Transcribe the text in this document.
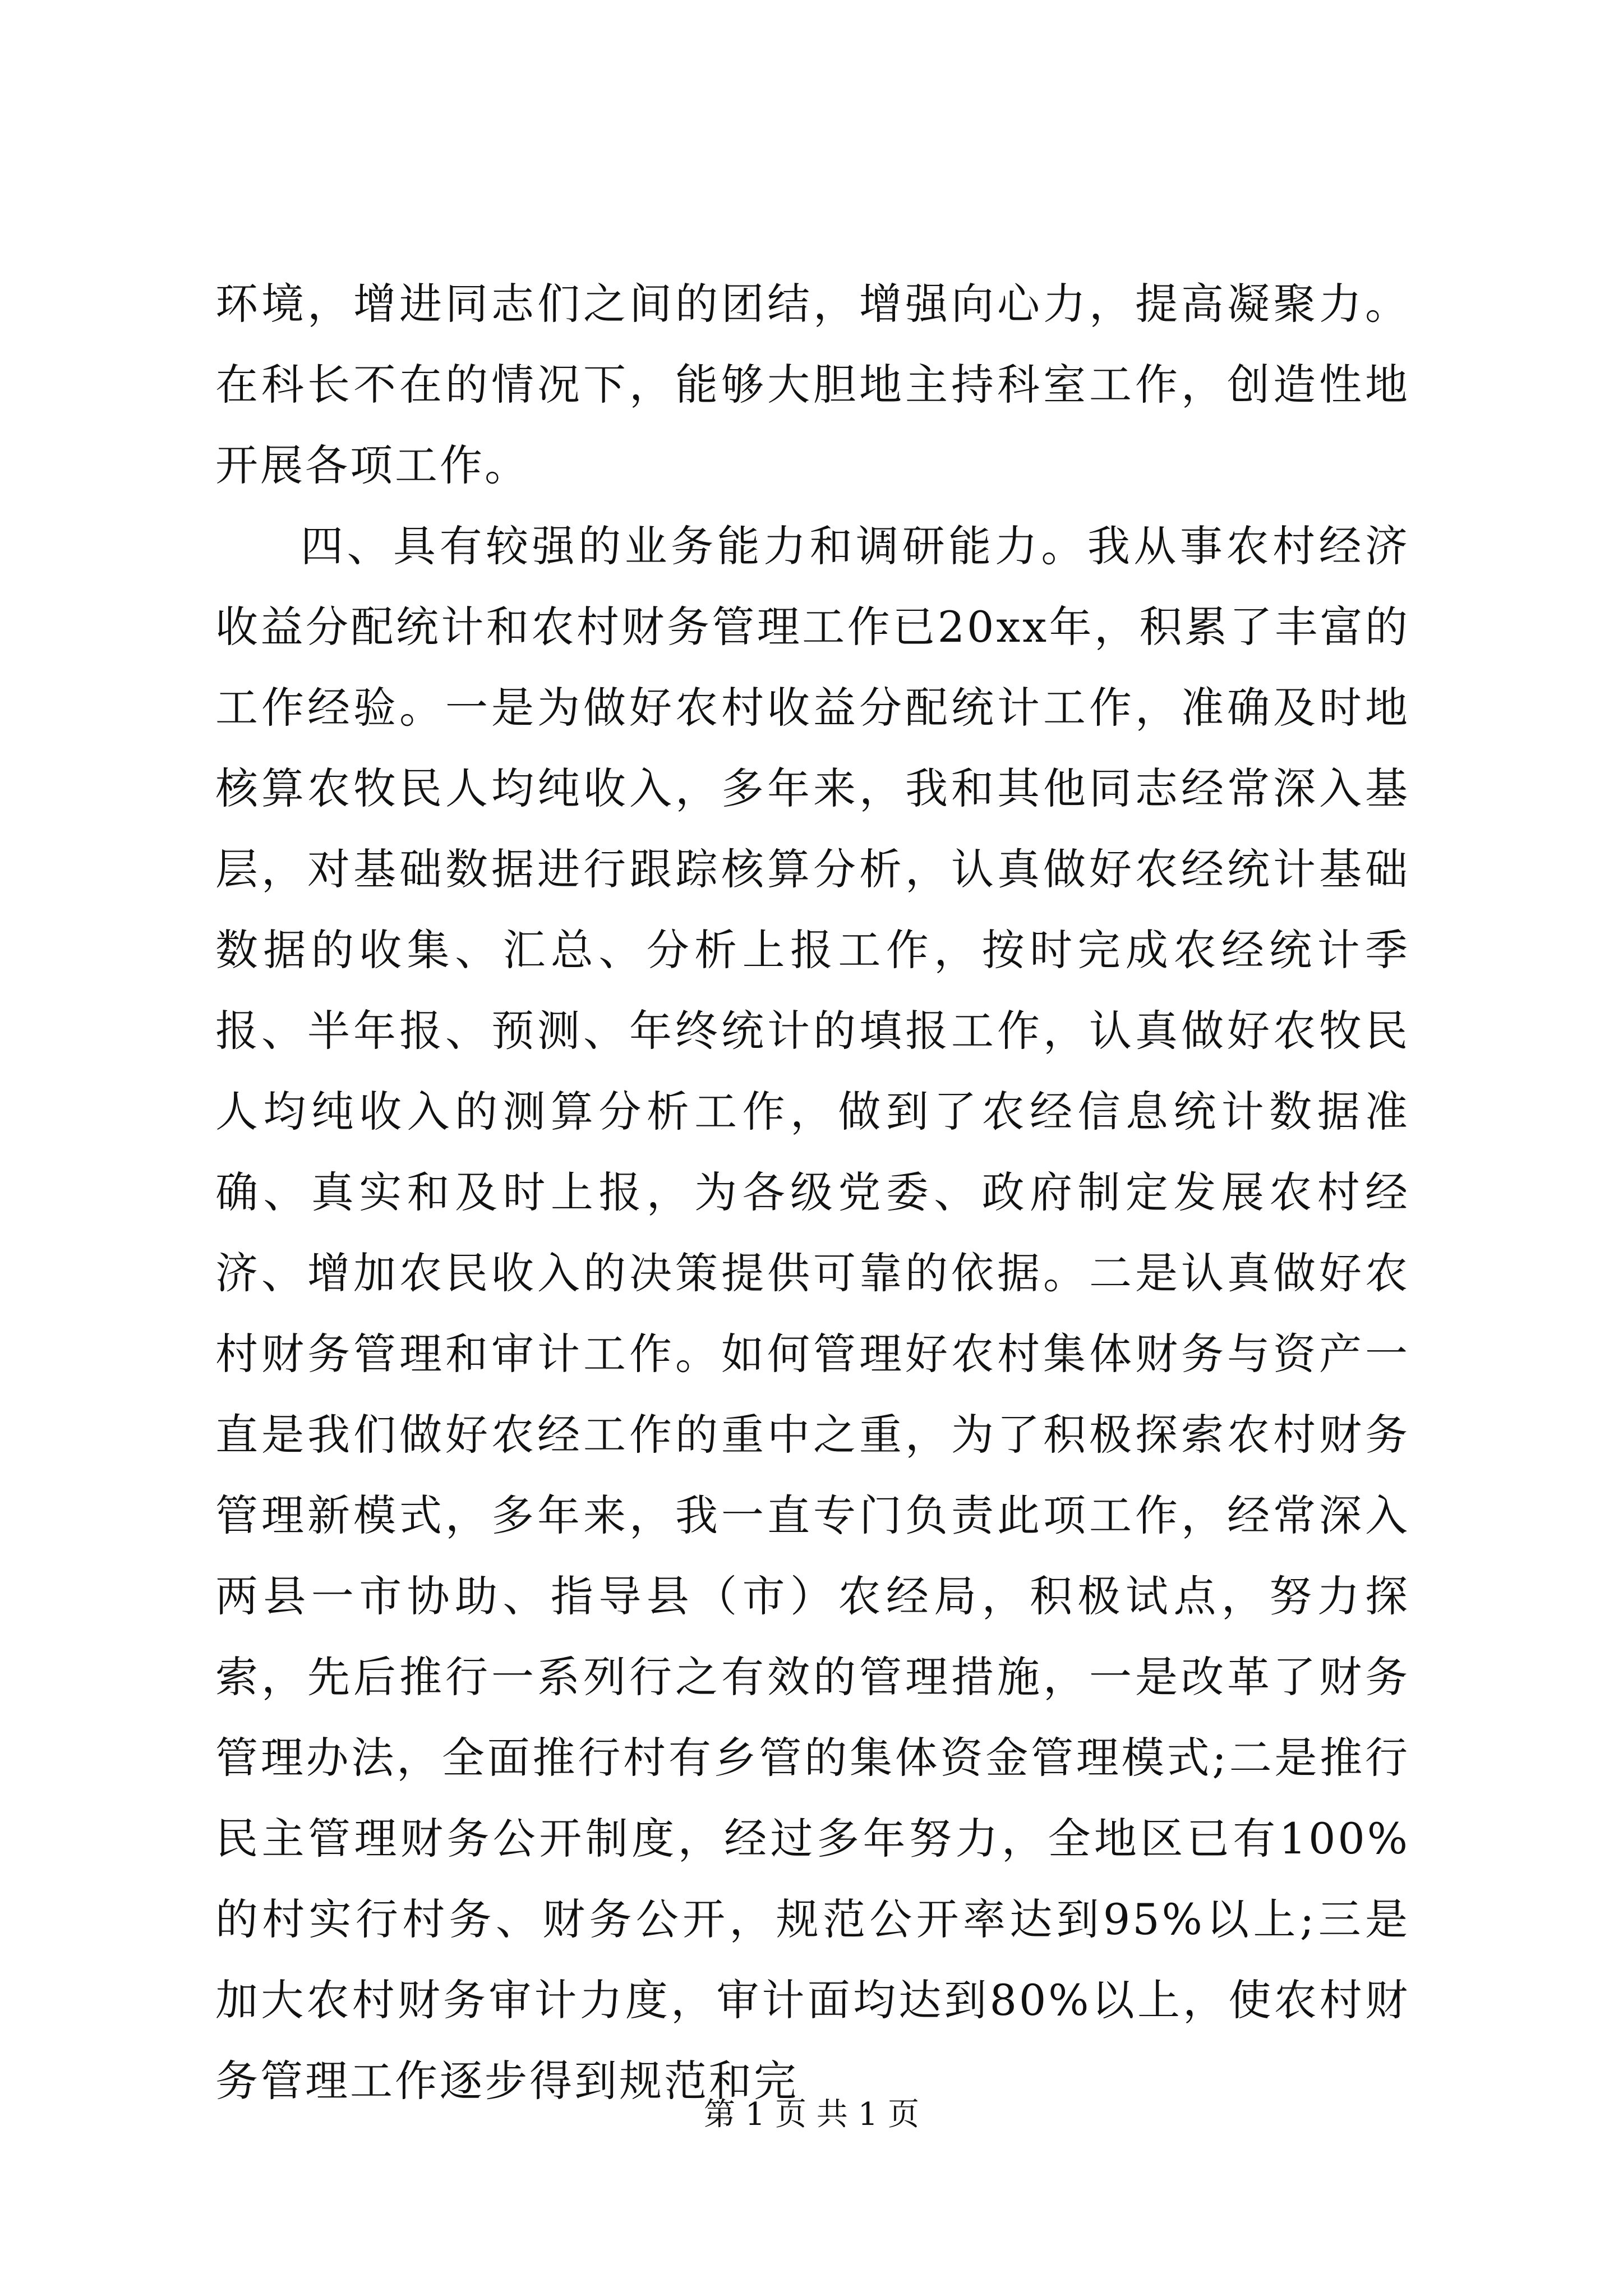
环境，增进同志们之间的团结，增强向心力，提高凝聚力。在科长不在的情况下，能够大胆地主持科室工作，创造性地开展各项工作。

四、具有较强的业务能力和调研能力。我从事农村经济收益分配统计和农村财务管理工作已20xx年，积累了丰富的工作经验。一是为做好农村收益分配统计工作，准确及时地核算农牧民人均纯收入，多年来，我和其他同志经常深入基层，对基础数据进行跟踪核算分析，认真做好农经统计基础数据的收集、汇总、分析上报工作，按时完成农经统计季报、半年报、预测、年终统计的填报工作，认真做好农牧民人均纯收入的测算分析工作，做到了农经信息统计数据准确、真实和及时上报，为各级党委、政府制定发展农村经济、增加农民收入的决策提供可靠的依据。二是认真做好农村财务管理和审计工作。如何管理好农村集体财务与资产一直是我们做好农经工作的重中之重，为了积极探索农村财务管理新模式，多年来，我一直专门负责此项工作，经常深入两县一市协助、指导县（市）农经局，积极试点，努力探索，先后推行一系列行之有效的管理措施，一是改革了财务管理办法，全面推行村有乡管的集体资金管理模式;二是推行民主管理财务公开制度，经过多年努力，全地区已有100%的村实行村务、财务公开，规范公开率达到95%以上;三是加大农村财务审计力度，审计面均达到80%以上，使农村财务管理工作逐步得到规范和完

第 1 页 共 1 页
